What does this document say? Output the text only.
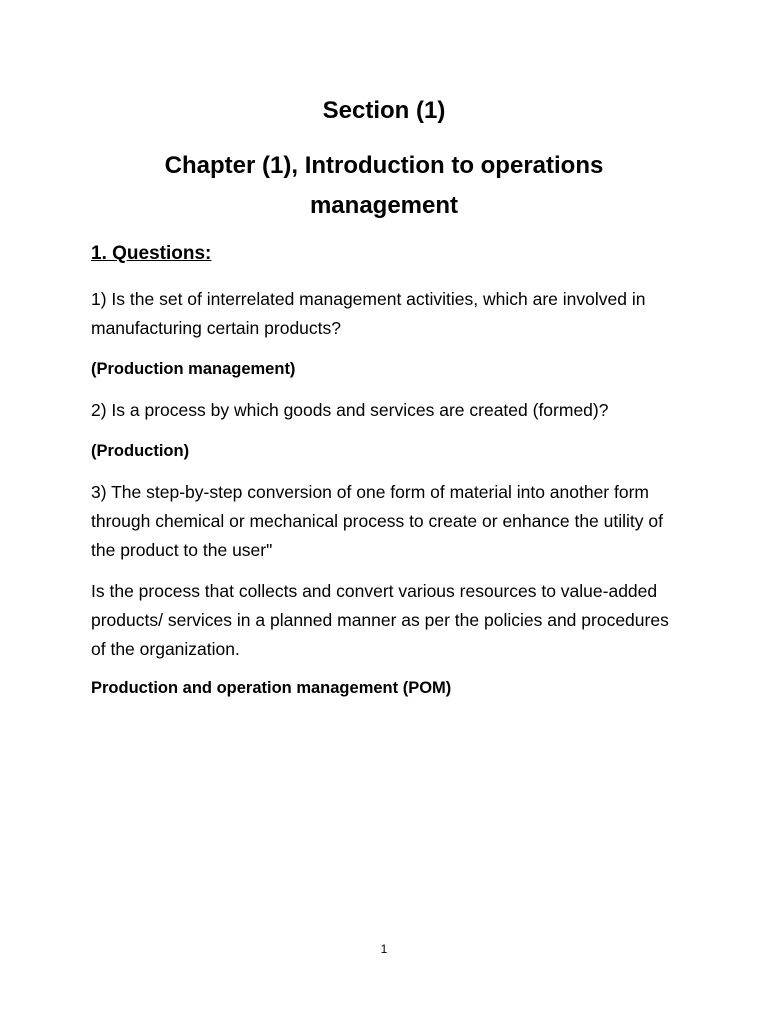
Section (1)
Chapter (1), Introduction to operations management

1. Questions:

1) Is the set of interrelated management activities, which are involved in manufacturing certain products?

(Production management)

2) Is a process by which goods and services are created (formed)?

(Production)

3) The step-by-step conversion of one form of material into another form through chemical or mechanical process to create or enhance the utility of the product to the user"

Is the process that collects and convert various resources to value-added products/ services in a planned manner as per the policies and procedures of the organization.

Production and operation management (POM)

1
